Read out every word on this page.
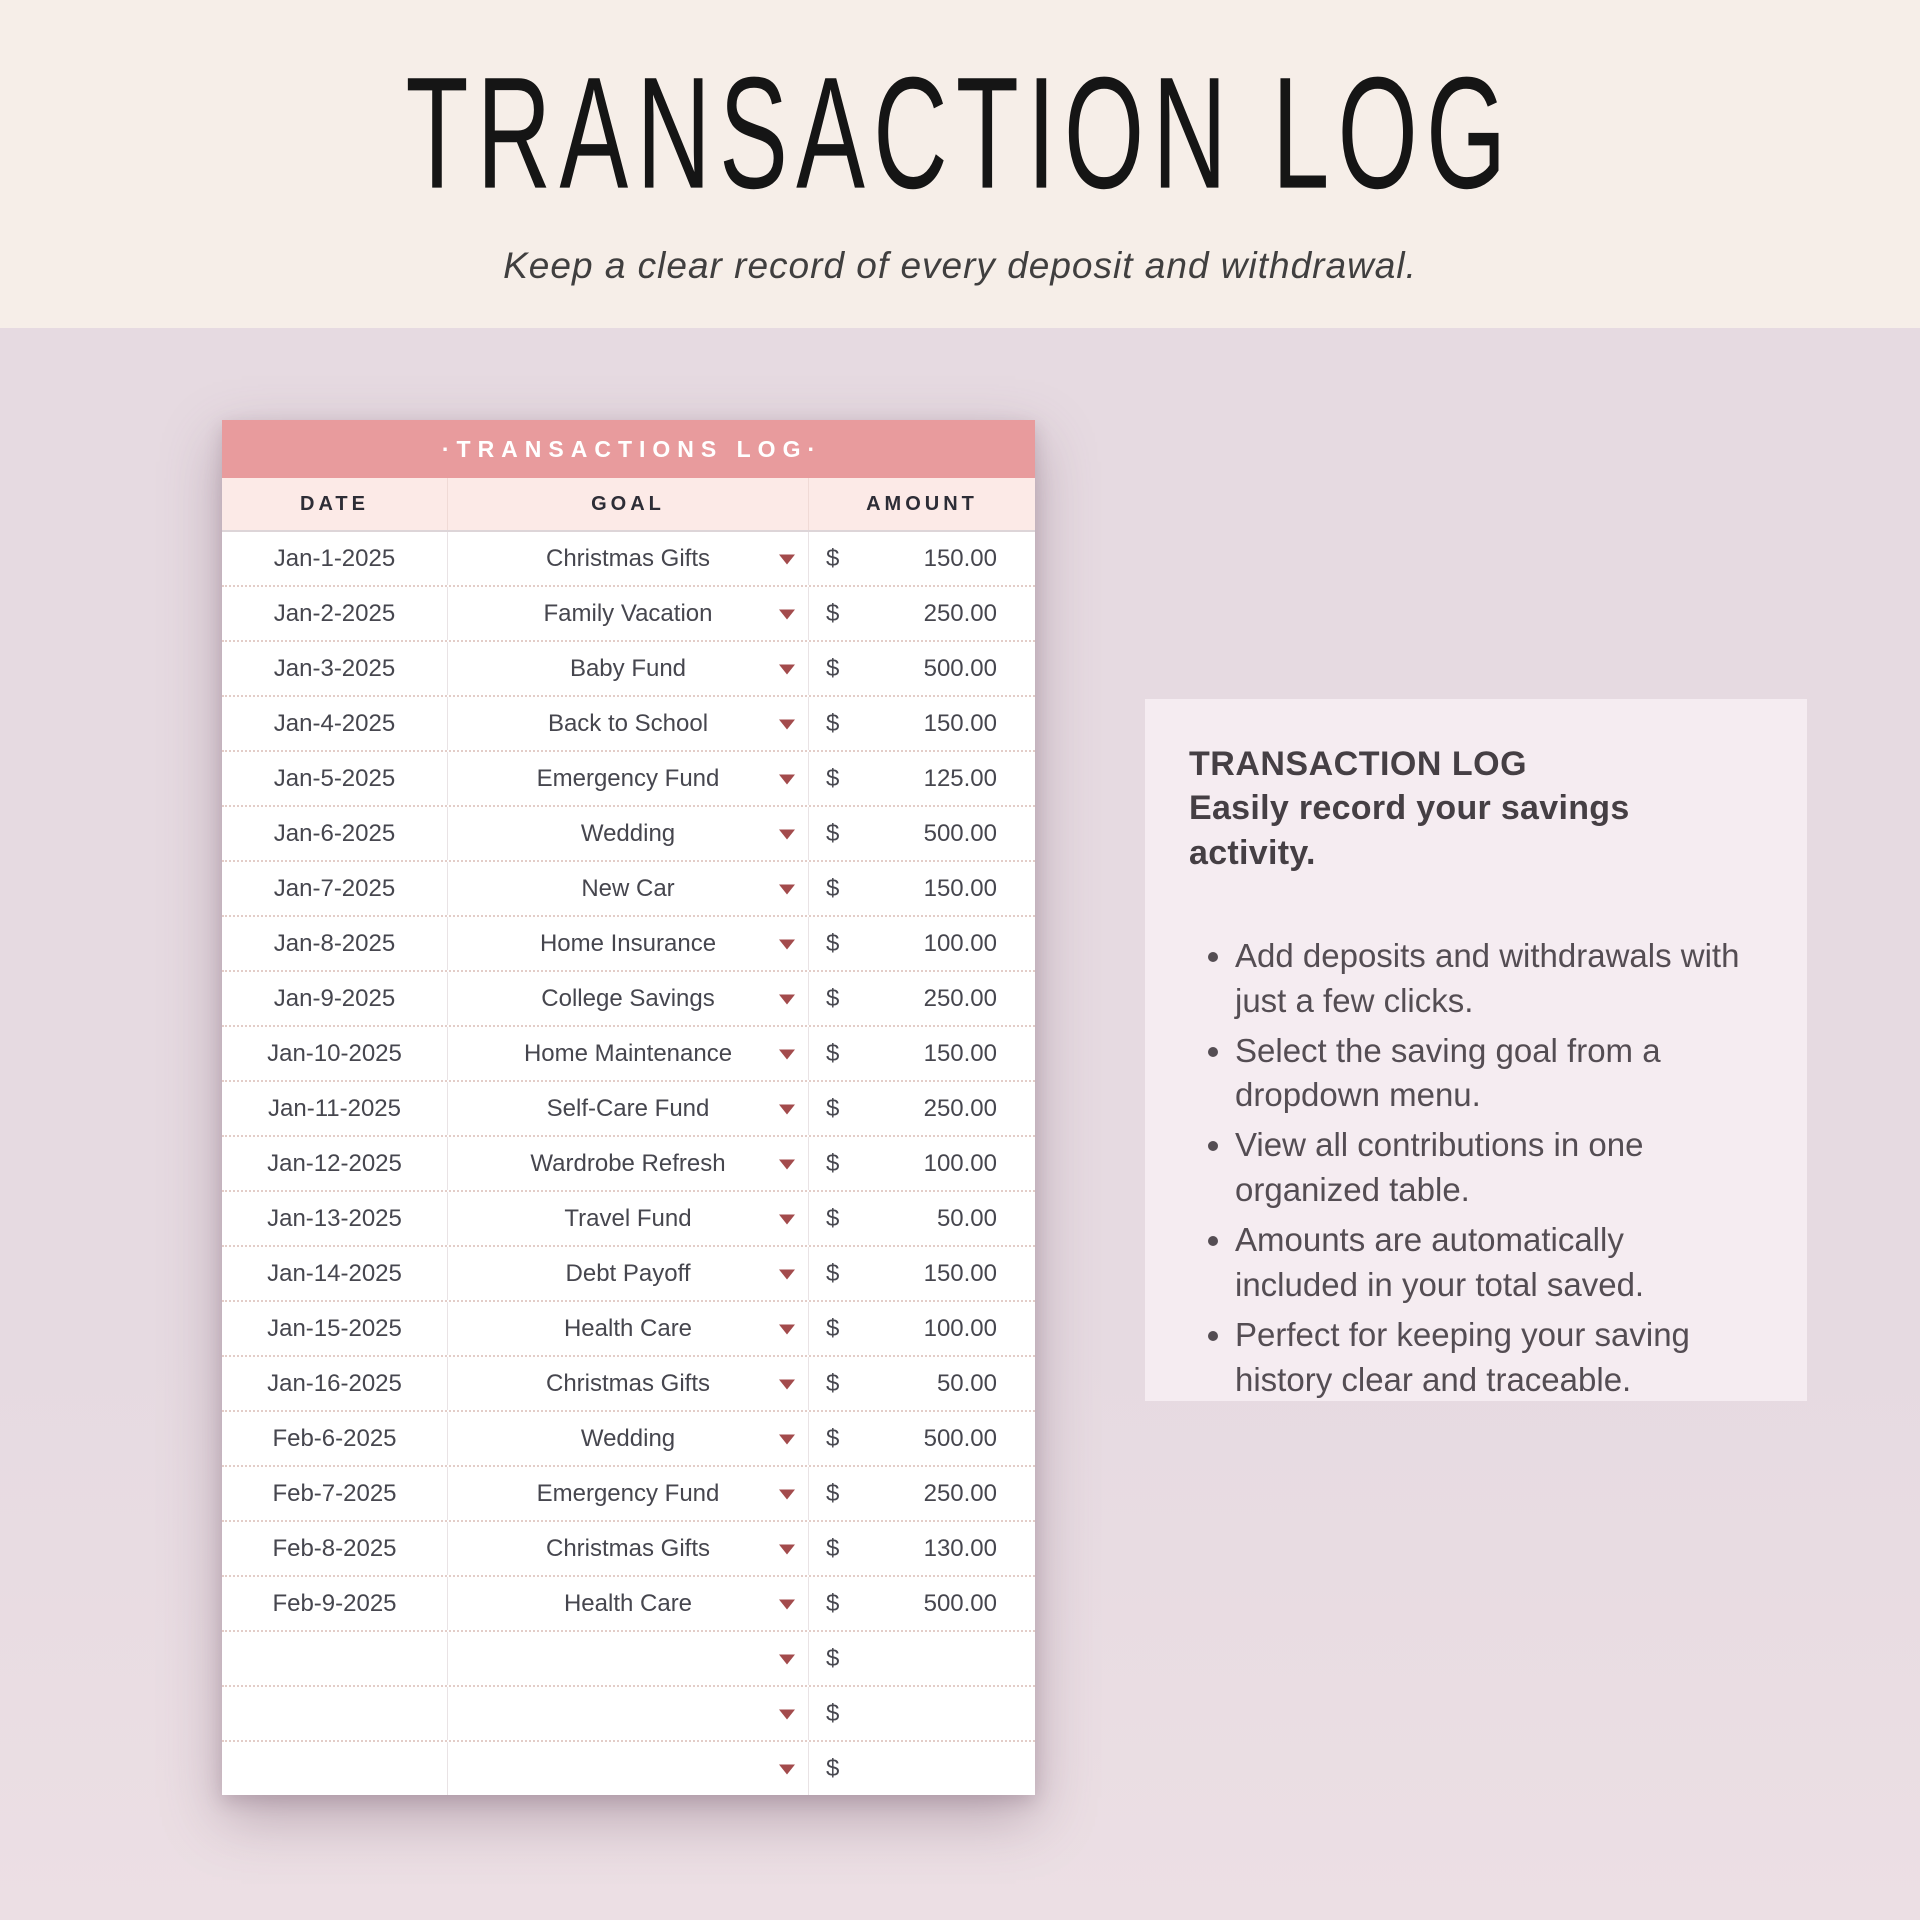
TRANSACTION LOG

Keep a clear record of every deposit and withdrawal.

·TRANSACTIONS LOG·
DATE	GOAL	AMOUNT
Jan-1-2025	Christmas Gifts	$	150.00
Jan-2-2025	Family Vacation	$	250.00
Jan-3-2025	Baby Fund	$	500.00
Jan-4-2025	Back to School	$	150.00
Jan-5-2025	Emergency Fund	$	125.00
Jan-6-2025	Wedding	$	500.00
Jan-7-2025	New Car	$	150.00
Jan-8-2025	Home Insurance	$	100.00
Jan-9-2025	College Savings	$	250.00
Jan-10-2025	Home Maintenance	$	150.00
Jan-11-2025	Self-Care Fund	$	250.00
Jan-12-2025	Wardrobe Refresh	$	100.00
Jan-13-2025	Travel Fund	$	50.00
Jan-14-2025	Debt Payoff	$	150.00
Jan-15-2025	Health Care	$	100.00
Jan-16-2025	Christmas Gifts	$	50.00
Feb-6-2025	Wedding	$	500.00
Feb-7-2025	Emergency Fund	$	250.00
Feb-8-2025	Christmas Gifts	$	130.00
Feb-9-2025	Health Care	$	500.00
$
$
$
TRANSACTION LOG
Easily record your savings activity.
• Add deposits and withdrawals with just a few clicks.
• Select the saving goal from a dropdown menu.
• View all contributions in one organized table.
• Amounts are automatically included in your total saved.
• Perfect for keeping your saving history clear and traceable.
